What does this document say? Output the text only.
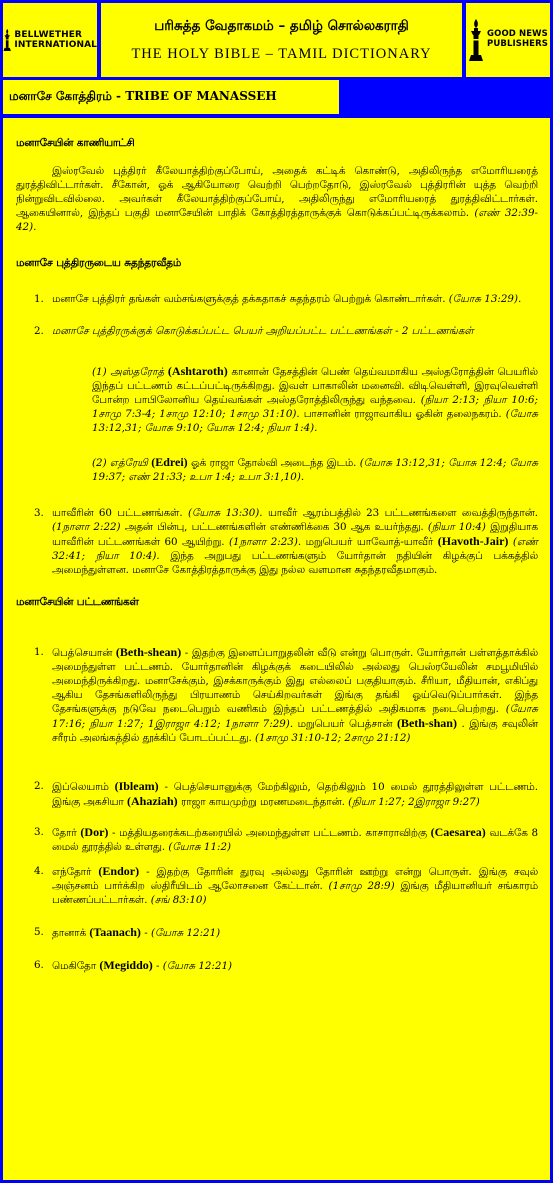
BELLWETHER
INTERNATIONAL
பரிசுத்த வேதாகமம் – தமிழ் சொல்லகராதி
THE HOLY BIBLE – TAMIL DICTIONARY
GOOD NEWS
PUBLISHERS
மனாசே கோத்திரம் - TRIBE OF MANASSEH
மனாசேயின் காணியாட்சி

இஸ்ரவேல் புத்திரர் கீலேயாத்திற்குப்போய், அதைக் கட்டிக் கொண்டு, அதிலிருந்த எமோரியரைத் துரத்திவிட்டார்கள். சீகோன், ஓக் ஆகியோரை வெற்றி பெற்றதோடு, இஸ்ரவேல் புத்திரரின் யுத்த வெற்றி நின்றுவிடவில்லை. அவர்கள் கீலேயாத்திற்குப்போய், அதிலிருந்து எமோரியரைத் துரத்திவிட்டார்கள். ஆகையினால், இந்தப் பகுதி மனாசேயின் பாதிக் கோத்திரத்தாருக்குக் கொடுக்கப்பட்டிருக்கலாம். (எண் 32:39-42).

மனாசே புத்திரருடைய சுதந்தரவீதம்
1. மனாசே புத்திரர் தங்கள் வம்சங்களுக்குத் தக்கதாகச் சுதந்தரம் பெற்றுக் கொண்டார்கள். (யோசு 13:29).
2. மனாசே புத்திரருக்குக் கொடுக்கப்பட்ட பெயர் அறியப்பட்ட பட்டணங்கள் - 2 பட்டணங்கள்
(1) அஸ்தரோத் (Ashtaroth) கானான் தேசத்தின் பெண் தெய்வமாகிய அஸ்தரோத்தின் பெயரில் இந்தப் பட்டணம் கட்டப்பட்டிருக்கிறது. இவள் பாகாலின் மனைவி. விடிவெள்ளி, இரவுவெள்ளி போன்ற பாபிலோனிய தெய்வங்கள் அஸ்தரோத்திலிருந்து வந்தவை. (நியா 2:13; நியா 10:6; 1சாமு 7:3-4; 1சாமு 12:10; 1சாமு 31:10). பாசானின் ராஜாவாகிய ஓகின் தலைநகரம். (யோசு 13:12,31; யோசு 9:10; யோசு 12:4; நியா 1:4).
(2) எத்ரேயி (Edrei) ஓக் ராஜா தோல்வி அடைந்த இடம். (யோசு 13:12,31; யோசு 12:4; யோசு 19:37; எண் 21:33; உபா 1:4; உபா 3:1,10).
3. யாவீரின் 60 பட்டணங்கள். (யோசு 13:30). யாவீர் ஆரம்பத்தில் 23 பட்டணங்களை வைத்திருந்தான். (1நாளா 2:22) அதன் பின்பு, பட்டணங்களின் எண்ணிக்கை 30 ஆக உயர்ந்தது. (நியா 10:4) இறுதியாக யாவீரின் பட்டணங்கள் 60 ஆயிற்று. (1நாளா 2:23). மறுபெயர் யாவோத்-யாவீர் (Havoth-Jair) (எண் 32:41; நியா 10:4). இந்த அறுபது பட்டணங்களும் யோர்தான் நதியின் கிழக்குப் பக்கத்தில் அமைந்துள்ளன. மனாசே கோத்திரத்தாருக்கு இது நல்ல வளமான சுதந்தரவீதமாகும்.
மனாசேயின் பட்டணங்கள்
1. பெத்செயான் (Beth-shean) - இதற்கு இளைப்பாறுதலின் வீடு என்று பொருள். யோர்தான் பள்ளத்தாக்கில் அமைந்துள்ள பட்டணம். யோர்தானின் கிழக்குக் கடையிலில் அல்லது பெஸ்ரயேலின் சமபூமியில் அமைந்திருக்கிறது. மனாசேக்கும், இசக்காருக்கும் இது எல்லைப் பகுதியாகும். சீரியா, மீதியான், எகிப்து ஆகிய தேசங்களிலிருந்து பிரயாணம் செய்கிறவர்கள் இங்கு தங்கி ஓய்வெடுப்பார்கள். இந்த தேசங்களுக்கு நடுவே நடைபெறும் வணிகம் இந்தப் பட்டணத்தில் அதிகமாக நடைபெற்றது. (யோசு 17:16; நியா 1:27; 1இராஜா 4:12; 1நாளா 7:29). மறுபெயர் பெத்சான் (Beth-shan) . இங்கு சவுலின் சரீரம் அலங்கத்தில் தூக்கிப் போடப்பட்டது. (1சாமு 31:10-12; 2சாமு 21:12)
2. இப்லெயாம் (Ibleam) - பெத்செயானுக்கு மேற்கிலும், தெற்கிலும் 10 மைல் தூரத்திலுள்ள பட்டணம். இங்கு அகசியா (Ahaziah) ராஜா காயமுற்று மரணமடைந்தான். (நியா 1:27; 2இராஜா 9:27)
3. தோர் (Dor) - மத்தியதரைக்கடற்கரையில் அமைந்துள்ள பட்டணம். காசாராவிற்கு (Caesarea) வடக்கே 8 மைல் தூரத்தில் உள்ளது. (யோசு 11:2)
4. எந்தோர் (Endor) - இதற்கு தோரின் துரவு அல்லது தோரின் ஊற்று என்று பொருள். இங்கு சவுல் அஞ்சனம் பார்க்கிற ஸ்திரீயிடம் ஆலோசனை கேட்டான். (1சாமு 28:9) இங்கு மீதியானியர் சங்காரம் பண்ணப்பட்டார்கள். (சங் 83:10)
5. தானாக் (Taanach) - (யோசு 12:21)
6. மெகிதோ (Megiddo) - (யோசு 12:21)
